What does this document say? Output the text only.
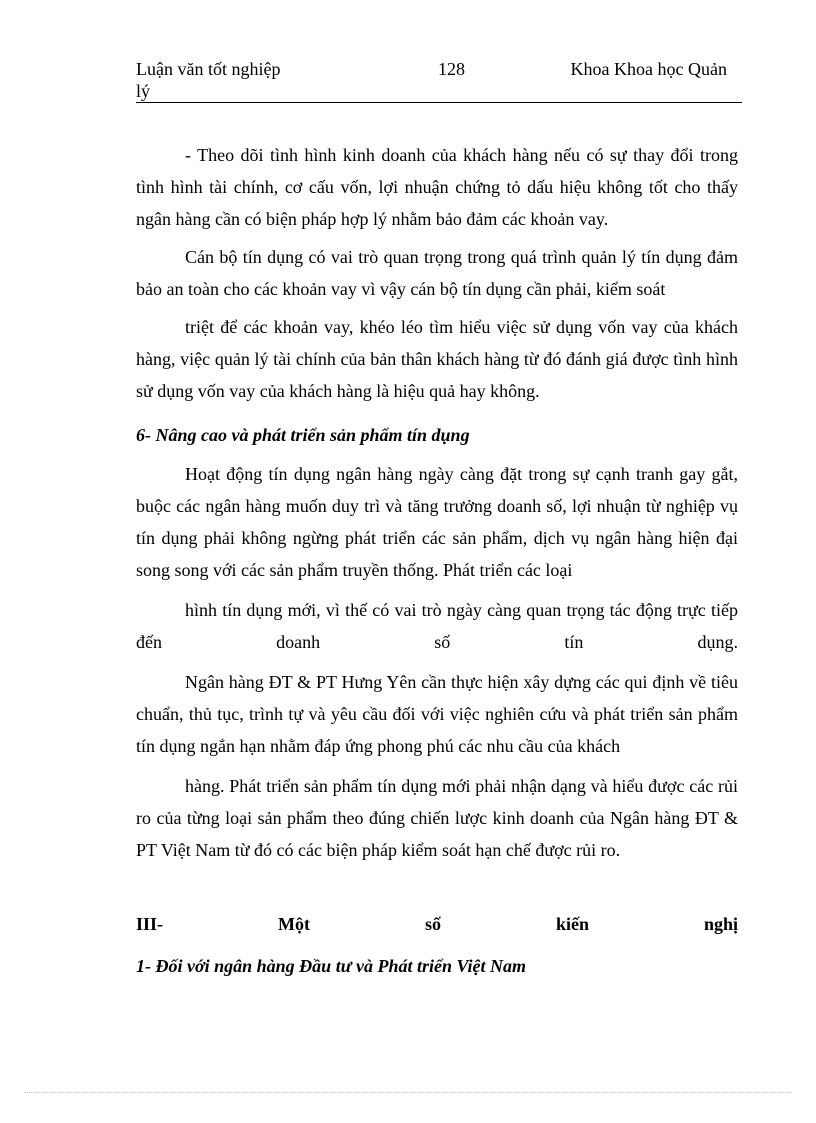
Luận văn tốt nghiệp	128	Khoa Khoa học Quản
lý

- Theo dõi tình hình kinh doanh của khách hàng nếu có sự thay đổi trong tình hình tài chính, cơ cấu vốn, lợi nhuận chứng tỏ dấu hiệu không tốt cho thấy ngân hàng cần có biện pháp hợp lý nhằm bảo đảm các khoản vay.

Cán bộ tín dụng có vai trò quan trọng trong quá trình quản lý tín dụng đảm bảo an toàn cho các khoản vay vì vậy cán bộ tín dụng cần phải, kiểm soát

triệt để các khoản vay, khéo léo tìm hiểu việc sử dụng vốn vay của khách hàng, việc quản lý tài chính của bản thân khách hàng từ đó đánh giá được tình hình sử dụng vốn vay của khách hàng là hiệu quả hay không.

6- Nâng cao và phát triển sản phẩm tín dụng

Hoạt động tín dụng ngân hàng ngày càng đặt trong sự cạnh tranh gay gắt, buộc các ngân hàng muốn duy trì và tăng trưởng doanh số, lợi nhuận từ nghiệp vụ tín dụng phải không ngừng phát triển các sản phẩm, dịch vụ ngân hàng hiện đại song song với các sản phẩm truyền thống. Phát triển các loại

hình tín dụng mới, vì thế có vai trò ngày càng quan trọng tác động trực tiếp đến doanh số tín dụng.

Ngân hàng ĐT & PT Hưng Yên cần thực hiện xây dựng các qui định về tiêu chuẩn, thủ tục, trình tự và yêu cầu đối với việc nghiên cứu và phát triển sản phẩm tín dụng ngắn hạn nhằm đáp ứng phong phú các nhu cầu của khách

hàng. Phát triển sản phẩm tín dụng mới phải nhận dạng và hiểu được các rủi ro của từng loại sản phẩm theo đúng chiến lược kinh doanh của Ngân hàng ĐT & PT Việt Nam từ đó có các biện pháp kiểm soát hạn chế được rủi ro.

III- Một số kiến nghị

1- Đối với ngân hàng Đầu tư và Phát triển Việt Nam
